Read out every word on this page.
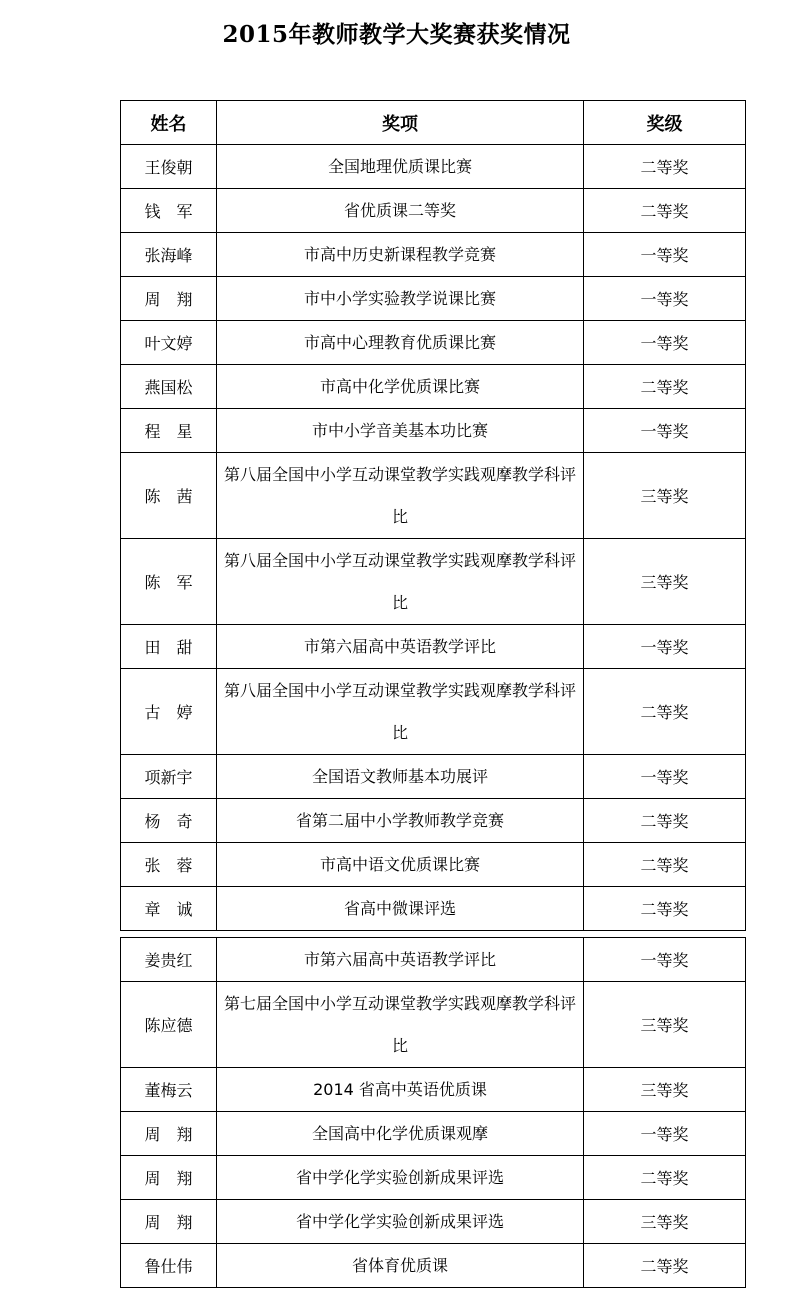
2015年教师教学大奖赛获奖情况
姓名	奖项	奖级
王俊朝	全国地理优质课比赛	二等奖
钱　军	省优质课二等奖	二等奖
张海峰	市高中历史新课程教学竞赛	一等奖
周　翔	市中小学实验教学说课比赛	一等奖
叶文婷	市高中心理教育优质课比赛	一等奖
燕国松	市高中化学优质课比赛	二等奖
程　星	市中小学音美基本功比赛	一等奖
陈　茜	第八届全国中小学互动课堂教学实践观摩教学科评比	三等奖
陈　军	第八届全国中小学互动课堂教学实践观摩教学科评比	三等奖
田　甜	市第六届高中英语教学评比	一等奖
古　婷	第八届全国中小学互动课堂教学实践观摩教学科评比	二等奖
项新宇	全国语文教师基本功展评	一等奖
杨　奇	省第二届中小学教师教学竞赛	二等奖
张　蓉	市高中语文优质课比赛	二等奖
章　诚	省高中微课评选	二等奖
姜贵红	市第六届高中英语教学评比	一等奖
陈应德	第七届全国中小学互动课堂教学实践观摩教学科评比	三等奖
董梅云	2014 省高中英语优质课	三等奖
周　翔	全国高中化学优质课观摩	一等奖
周　翔	省中学化学实验创新成果评选	二等奖
周　翔	省中学化学实验创新成果评选	三等奖
鲁仕伟	省体育优质课	二等奖
